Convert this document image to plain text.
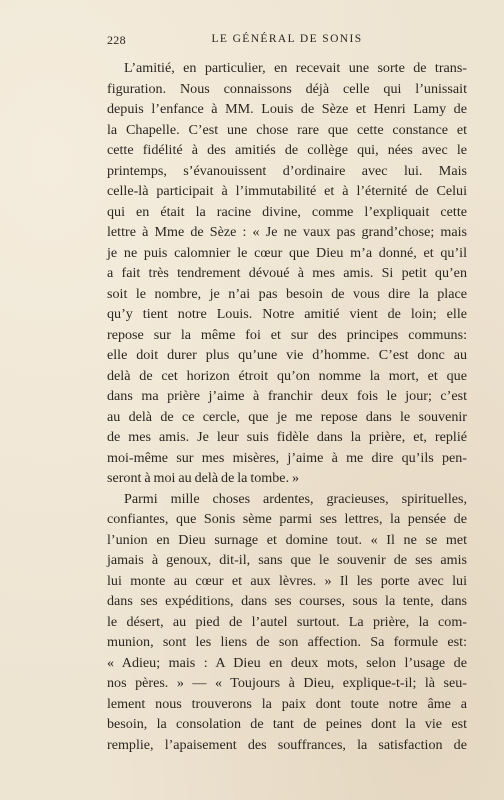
228	LE GÉNÉRAL DE SONIS
L’amitié, en particulier, en recevait une sorte de trans-
figuration. Nous connaissons déjà celle qui l’unissait
depuis l’enfance à MM. Louis de Sèze et Henri Lamy de
la Chapelle. C’est une chose rare que cette constance et
cette fidélité à des amitiés de collège qui, nées avec le
printemps, s’évanouissent d’ordinaire avec lui. Mais
celle-là participait à l’immutabilité et à l’éternité de Celui
qui en était la racine divine, comme l’expliquait cette
lettre à Mme de Sèze : « Je ne vaux pas grand’chose; mais
je ne puis calomnier le cœur que Dieu m’a donné, et qu’il
a fait très tendrement dévoué à mes amis. Si petit qu’en
soit le nombre, je n’ai pas besoin de vous dire la place
qu’y tient notre Louis. Notre amitié vient de loin; elle
repose sur la même foi et sur des principes communs:
elle doit durer plus qu’une vie d’homme. C’est donc au
delà de cet horizon étroit qu’on nomme la mort, et que
dans ma prière j’aime à franchir deux fois le jour; c’est
au delà de ce cercle, que je me repose dans le souvenir
de mes amis. Je leur suis fidèle dans la prière, et, replié
moi-même sur mes misères, j’aime à me dire qu’ils pen-
seront à moi au delà de la tombe. »
Parmi mille choses ardentes, gracieuses, spirituelles,
confiantes, que Sonis sème parmi ses lettres, la pensée de
l’union en Dieu surnage et domine tout. « Il ne se met
jamais à genoux, dit-il, sans que le souvenir de ses amis
lui monte au cœur et aux lèvres. » Il les porte avec lui
dans ses expéditions, dans ses courses, sous la tente, dans
le désert, au pied de l’autel surtout. La prière, la com-
munion, sont les liens de son affection. Sa formule est:
« Adieu; mais : A Dieu en deux mots, selon l’usage de
nos pères. » — « Toujours à Dieu, explique-t-il; là seu-
lement nous trouverons la paix dont toute notre âme a
besoin, la consolation de tant de peines dont la vie est
remplie, l’apaisement des souffrances, la satisfaction de
